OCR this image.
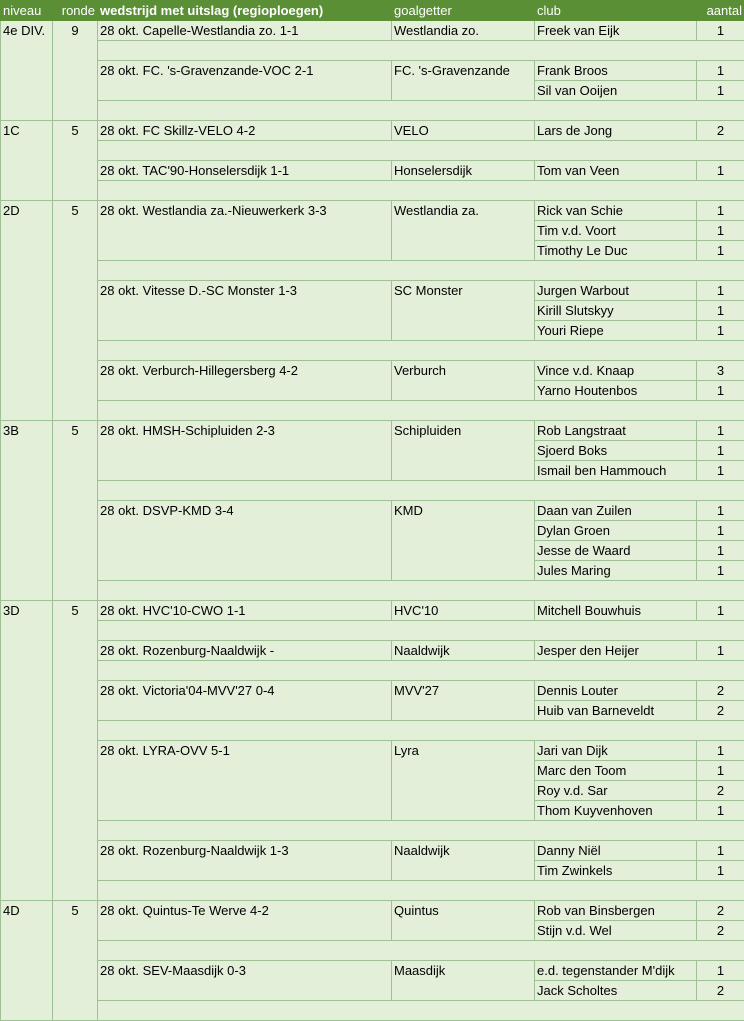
niveau	ronde	wedstrijd met uitslag (regioploegen)	goalgetter	club	aantal
4e DIV.	9	28 okt. Capelle-Westlandia zo. 1-1	Westlandia zo.	Freek van Eijk	1

		28 okt. FC. 's-Gravenzande-VOC 2-1	FC. 's-Gravenzande	Frank Broos	1
				Sil van Ooijen	1

1C	5	28 okt. FC Skillz-VELO 4-2	VELO	Lars de Jong	2

		28 okt. TAC'90-Honselersdijk 1-1	Honselersdijk	Tom van Veen	1

2D	5	28 okt. Westlandia za.-Nieuwerkerk 3-3	Westlandia za.	Rick van Schie	1
				Tim v.d. Voort	1
				Timothy Le Duc	1

		28 okt. Vitesse D.-SC Monster 1-3	SC Monster	Jurgen Warbout	1
				Kirill Slutskyy	1
				Youri Riepe	1

		28 okt. Verburch-Hillegersberg 4-2	Verburch	Vince v.d. Knaap	3
				Yarno Houtenbos	1

3B	5	28 okt. HMSH-Schipluiden 2-3	Schipluiden	Rob Langstraat	1
				Sjoerd Boks	1
				Ismail ben Hammouch	1

		28 okt. DSVP-KMD 3-4	KMD	Daan van Zuilen	1
				Dylan Groen	1
				Jesse de Waard	1
				Jules Maring	1

3D	5	28 okt. HVC'10-CWO 1-1	HVC'10	Mitchell Bouwhuis	1

		28 okt. Rozenburg-Naaldwijk -	Naaldwijk	Jesper den Heijer	1

		28 okt. Victoria'04-MVV'27 0-4	MVV'27	Dennis Louter	2
				Huib van Barneveldt	2

		28 okt. LYRA-OVV 5-1	Lyra	Jari van Dijk	1
				Marc den Toom	1
				Roy v.d. Sar	2
				Thom Kuyvenhoven	1

		28 okt. Rozenburg-Naaldwijk 1-3	Naaldwijk	Danny Niël	1
				Tim Zwinkels	1

4D	5	28 okt. Quintus-Te Werve 4-2	Quintus	Rob van Binsbergen	2
				Stijn v.d. Wel	2

		28 okt. SEV-Maasdijk 0-3	Maasdijk	e.d. tegenstander M'dijk	1
				Jack Scholtes	2
